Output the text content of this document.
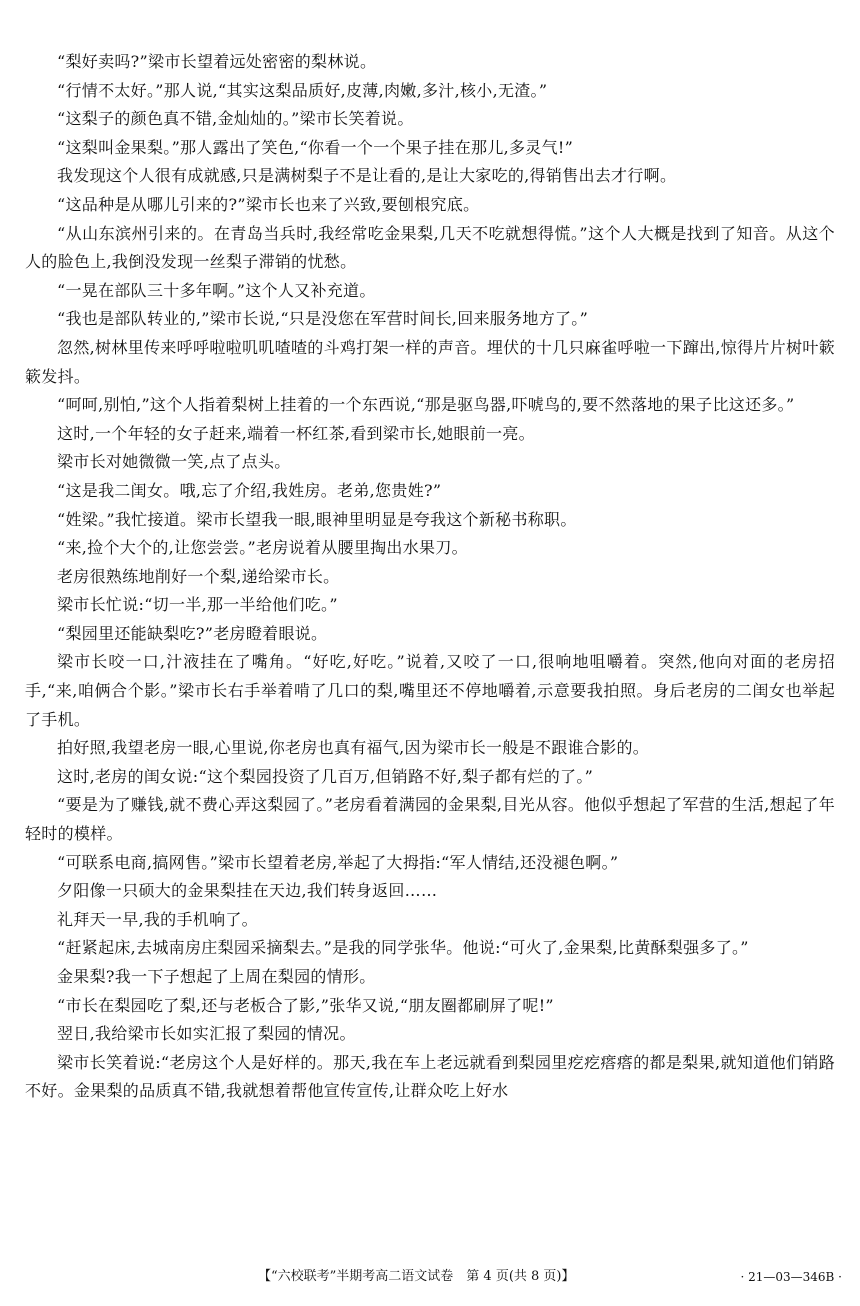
“梨好卖吗?”梁市长望着远处密密的梨林说。

“行情不太好。”那人说,“其实这梨品质好,皮薄,肉嫩,多汁,核小,无渣。”

“这梨子的颜色真不错,金灿灿的。”梁市长笑着说。

“这梨叫金果梨。”那人露出了笑色,“你看一个一个果子挂在那儿,多灵气!”

我发现这个人很有成就感,只是满树梨子不是让看的,是让大家吃的,得销售出去才行啊。

“这品种是从哪儿引来的?”梁市长也来了兴致,要刨根究底。

“从山东滨州引来的。在青岛当兵时,我经常吃金果梨,几天不吃就想得慌。”这个人大概是找到了知音。从这个人的脸色上,我倒没发现一丝梨子滞销的忧愁。

“一晃在部队三十多年啊。”这个人又补充道。

“我也是部队转业的,”梁市长说,“只是没您在军营时间长,回来服务地方了。”

忽然,树林里传来呼呼啦啦叽叽喳喳的斗鸡打架一样的声音。埋伏的十几只麻雀呼啦一下蹿出,惊得片片树叶簌簌发抖。

“呵呵,别怕,”这个人指着梨树上挂着的一个东西说,“那是驱鸟器,吓唬鸟的,要不然落地的果子比这还多。”

这时,一个年轻的女子赶来,端着一杯红茶,看到梁市长,她眼前一亮。

梁市长对她微微一笑,点了点头。

“这是我二闺女。哦,忘了介绍,我姓房。老弟,您贵姓?”

“姓梁。”我忙接道。梁市长望我一眼,眼神里明显是夸我这个新秘书称职。

“来,捡个大个的,让您尝尝。”老房说着从腰里掏出水果刀。

老房很熟练地削好一个梨,递给梁市长。

梁市长忙说:“切一半,那一半给他们吃。”

“梨园里还能缺梨吃?”老房瞪着眼说。

梁市长咬一口,汁液挂在了嘴角。“好吃,好吃。”说着,又咬了一口,很响地咀嚼着。突然,他向对面的老房招手,“来,咱俩合个影。”梁市长右手举着啃了几口的梨,嘴里还不停地嚼着,示意要我拍照。身后老房的二闺女也举起了手机。

拍好照,我望老房一眼,心里说,你老房也真有福气,因为梁市长一般是不跟谁合影的。

这时,老房的闺女说:“这个梨园投资了几百万,但销路不好,梨子都有烂的了。”

“要是为了赚钱,就不费心弄这梨园了。”老房看着满园的金果梨,目光从容。他似乎想起了军营的生活,想起了年轻时的模样。

“可联系电商,搞网售。”梁市长望着老房,举起了大拇指:“军人情结,还没褪色啊。”

夕阳像一只硕大的金果梨挂在天边,我们转身返回……

礼拜天一早,我的手机响了。

“赶紧起床,去城南房庄梨园采摘梨去。”是我的同学张华。他说:“可火了,金果梨,比黄酥梨强多了。”

金果梨?我一下子想起了上周在梨园的情形。

“市长在梨园吃了梨,还与老板合了影,”张华又说,“朋友圈都刷屏了呢!”

翌日,我给梁市长如实汇报了梨园的情况。

梁市长笑着说:“老房这个人是好样的。那天,我在车上老远就看到梨园里疙疙瘩瘩的都是梨果,就知道他们销路不好。金果梨的品质真不错,我就想着帮他宣传宣传,让群众吃上好水

【“六校联考”半期考高二语文试卷　第 4 页(共 8 页)】	· 21—03—346B ·
